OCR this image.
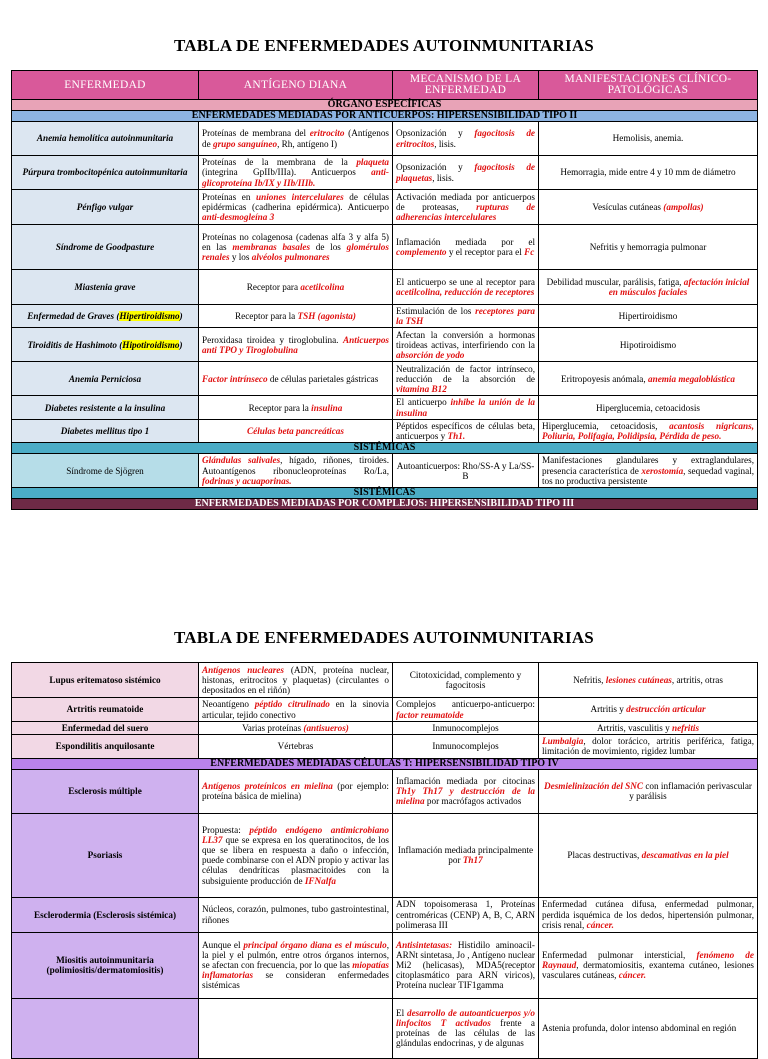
TABLA DE ENFERMEDADES AUTOINMUNITARIAS
ENFERMEDAD	ANTÍGENO DIANA	MECANISMO DE LA ENFERMEDAD	MANIFESTACIONES CLÍNICO-PATOLÓGICAS
ÓRGANO ESPECÍFICAS			
ENFERMEDADES MEDIADAS POR ANTICUERPOS: HIPERSENSIBILIDAD TIPO II			
Anemia hemolítica autoinmunitaria	Proteínas de membrana del eritrocito (Antígenos de grupo sanguíneo, Rh, antígeno I)	Opsonización y fagocitosis de eritrocitos, lisis.	Hemolisis, anemia.
Púrpura trombocitopénica autoinmunitaria	Proteínas de la membrana de la plaqueta (integrina GpIIb/IIIa). Anticuerpos anti-glicoproteína Ib/IX y IIb/IIIb.	Opsonización y fagocitosis de plaquetas, lisis.	Hemorragia, mide entre 4 y 10 mm de diámetro
Pénfigo vulgar	Proteínas en uniones intercelulares de células epidérmicas (cadherina epidérmica). Anticuerpo anti-desmogleína 3	Activación mediada por anticuerpos de proteasas, rupturas de adherencias intercelulares	Vesículas cutáneas (ampollas)
Síndrome de Goodpasture	Proteínas no colagenosa (cadenas alfa 3 y alfa 5) en las membranas basales de los glomérulos renales y los alvéolos pulmonares	Inflamación mediada por el complemento y el receptor para el Fc	Nefritis y hemorragia pulmonar
Miastenia grave	Receptor para acetilcolina	El anticuerpo se une al receptor para acetilcolina, reducción de receptores	Debilidad muscular, parálisis, fatiga, afectación inicial en músculos faciales
Enfermedad de Graves (Hipertiroidismo)	Receptor para la TSH (agonista)	Estimulación de los receptores para la TSH	Hipertiroidismo
Tiroiditis de Hashimoto (Hipotiroidismo)	Peroxidasa tiroidea y tiroglobulina. Anticuerpos anti TPO y Tiroglobulina	Afectan la conversión a hormonas tiroideas activas, interfiriendo con la absorción de yodo	Hipotiroidismo
Anemia Perniciosa	Factor intrínseco de células parietales gástricas	Neutralización de factor intrínseco, reducción de la absorción de vitamina B12	Eritropoyesis anómala, anemia megaloblástica
Diabetes resistente a la insulina	Receptor para la insulina	El anticuerpo inhibe la unión de la insulina	Hiperglucemia, cetoacidosis
Diabetes mellitus tipo 1	Células beta pancreáticas	Péptidos específicos de células beta, anticuerpos y Th1.	Hiperglucemia, cetoacidosis, acantosis nigricans, Poliuria, Polifagia, Polidipsia, Pérdida de peso.
SISTÉMICAS			
Síndrome de Sjögren	Glándulas salivales, hígado, riñones, tiroides. Autoantígenos ribonucleoproteínas Ro/La, fodrinas y acuaporinas.	Autoanticuerpos: Rho/SS-A y La/SS-B	Manifestaciones glandulares y extraglandulares, presencia característica de xerostomía, sequedad vaginal, tos no productiva persistente
SISTÉMICAS			
ENFERMEDADES MEDIADAS POR COMPLEJOS: HIPERSENSIBILIDAD TIPO III			
TABLA DE ENFERMEDADES AUTOINMUNITARIAS
Lupus eritematoso sistémico	Antígenos nucleares (ADN, proteína nuclear, histonas, eritrocitos y plaquetas) (circulantes o depositados en el riñón)	Citotoxicidad, complemento y fagocitosis	Nefritis, lesiones cutáneas, artritis, otras
Artritis reumatoide	Neoantígeno péptido citrulinado en la sinovia articular, tejido conectivo	Complejos anticuerpo-anticuerpo: factor reumatoide	Artritis y destrucción articular
Enfermedad del suero	Varias proteínas (antisueros)	Inmunocomplejos	Artritis, vasculitis y nefritis
Espondilitis anquilosante	Vértebras	Inmunocomplejos	Lumbalgia, dolor torácico, artritis periférica, fatiga, limitación de movimiento, rigidez lumbar
ENFERMEDADES MEDIADAS CÉLULAS T: HIPERSENSIBILIDAD TIPO IV			
Esclerosis múltiple	Antígenos proteínicos en mielina (por ejemplo: proteína básica de mielina)	Inflamación mediada por citocinas Th1y Th17 y destrucción de la mielina por macrófagos activados	Desmielinización del SNC con inflamación perivascular y parálisis
Psoriasis	Propuesta: péptido endógeno antimicrobiano LL37 que se expresa en los queratinocitos, de los que se libera en respuesta a daño o infección, puede combinarse con el ADN propio y activar las células dendríticas plasmacitoides con la subsiguiente producción de IFNalfa	Inflamación mediada principalmente por Th17	Placas destructivas, descamativas en la piel
Esclerodermia (Esclerosis sistémica)	Núcleos, corazón, pulmones, tubo gastrointestinal, riñones	ADN topoisomerasa 1, Proteínas centroméricas (CENP) A, B, C, ARN polimerasa III	Enfermedad cutánea difusa, enfermedad pulmonar, perdida isquémica de los dedos, hipertensión pulmonar, crisis renal, cáncer.
Miositis autoinmunitaria (polimiositis/dermatomiositis)	Aunque el principal órgano diana es el músculo, la piel y el pulmón, entre otros órganos internos, se afectan con frecuencia, por lo que las miopatías inflamatorias se consideran enfermedades sistémicas	Antisintetasas: Histidilo aminoacil-ARNt sintetasa, Jo , Antígeno nuclear Mi2 (helicasas), MDA5(receptor citoplasmático para ARN viricos), Proteína nuclear TIF1gamma	Enfermedad pulmonar intersticial, fenómeno de Raynaud, dermatomiositis, exantema cutáneo, lesiones vasculares cutáneas, cáncer.
		El desarrollo de autoanticuerpos y/o linfocitos T activados frente a proteínas de las células de las glándulas endocrinas, y de algunas	Astenia profunda, dolor intenso abdominal en región
